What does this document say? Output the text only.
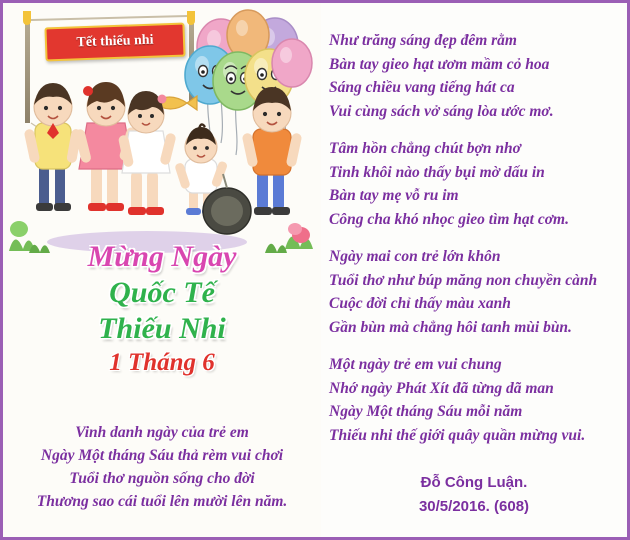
Tết thiếu nhi
Mừng Ngày
Quốc Tế
Thiếu Nhi
1 Tháng 6
Vinh danh ngày của trẻ em
Ngày Một tháng Sáu thả rèm vui chơi
Tuổi thơ nguồn sống cho đời
Thương sao cái tuổi lên mười lên năm.
Như trăng sáng đẹp đêm rằm
Bàn tay gieo hạt ươm mầm cỏ hoa
Sáng chiều vang tiếng hát ca
Vui cùng sách vở sáng lòa ước mơ.
Tâm hồn chẳng chút bợn nhơ
Tinh khôi nào thấy bụi mờ dấu in
Bàn tay mẹ vỗ ru im
Công cha khó nhọc gieo tìm hạt cơm.
Ngày mai con trẻ lớn khôn
Tuổi thơ như búp măng non chuyền cành
Cuộc đời chỉ thấy màu xanh
Gần bùn mà chẳng hôi tanh mùi bùn.
Một ngày trẻ em vui chung
Nhớ ngày Phát Xít đã từng dã man
Ngày Một tháng Sáu mỗi năm
Thiếu nhi thế giới quây quần mừng vui.
Đỗ Công Luận.
30/5/2016. (608)
